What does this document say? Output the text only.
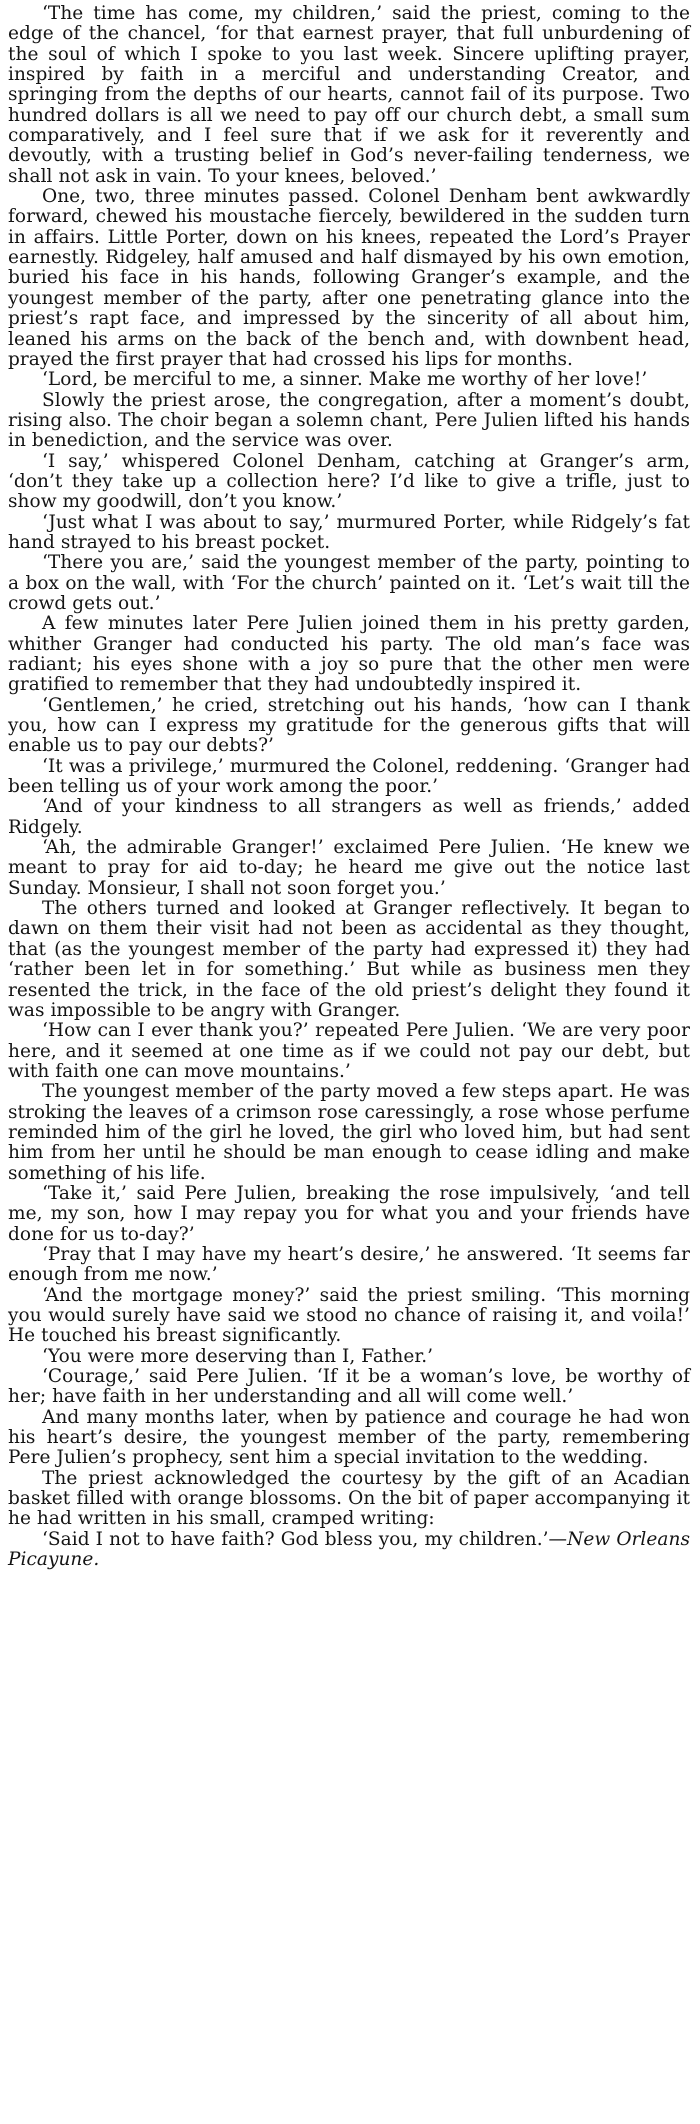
‘The time has come, my children,’ said the priest, coming to the edge of the chancel, ‘for that earnest prayer, that full unburdening of the soul of which I spoke to you last week. Sincere uplifting prayer, inspired by faith in a merciful and understanding Creator, and springing from the depths of our hearts, cannot fail of its purpose. Two hundred dollars is all we need to pay off our church debt, a small sum comparatively, and I feel sure that if we ask for it reverently and devoutly, with a trusting belief in God’s never-failing tenderness, we shall not ask in vain. To your knees, beloved.’

One, two, three minutes passed. Colonel Denham bent awkwardly forward, chewed his moustache fiercely, bewildered in the sudden turn in affairs. Little Porter, down on his knees, repeated the Lord’s Prayer earnestly. Ridgeley, half amused and half dismayed by his own emotion, buried his face in his hands, following Granger’s example, and the youngest member of the party, after one penetrating glance into the priest’s rapt face, and impressed by the sincerity of all about him, leaned his arms on the back of the bench and, with downbent head, prayed the first prayer that had crossed his lips for months.

‘Lord, be merciful to me, a sinner. Make me worthy of her love!’

Slowly the priest arose, the congregation, after a moment’s doubt, rising also. The choir began a solemn chant, Pere Julien lifted his hands in benediction, and the service was over.

‘I say,’ whispered Colonel Denham, catching at Granger’s arm, ‘don’t they take up a collection here? I’d like to give a trifle, just to show my goodwill, don’t you know.’

‘Just what I was about to say,’ murmured Porter, while Ridgely’s fat hand strayed to his breast pocket.

‘There you are,’ said the youngest member of the party, pointing to a box on the wall, with ‘For the church’ painted on it. ‘Let’s wait till the crowd gets out.’

A few minutes later Pere Julien joined them in his pretty garden, whither Granger had conducted his party. The old man’s face was radiant; his eyes shone with a joy so pure that the other men were gratified to remember that they had undoubtedly inspired it.

‘Gentlemen,’ he cried, stretching out his hands, ‘how can I thank you, how can I express my gratitude for the generous gifts that will enable us to pay our debts?’

‘It was a privilege,’ murmured the Colonel, reddening. ‘Granger had been telling us of your work among the poor.’

‘And of your kindness to all strangers as well as friends,’ added Ridgely.

‘Ah, the admirable Granger!’ exclaimed Pere Julien. ‘He knew we meant to pray for aid to-day; he heard me give out the notice last Sunday. Monsieur, I shall not soon forget you.’

The others turned and looked at Granger reflectively. It began to dawn on them their visit had not been as accidental as they thought, that (as the youngest member of the party had expressed it) they had ‘rather been let in for something.’ But while as business men they resented the trick, in the face of the old priest’s delight they found it was impossible to be angry with Granger.

‘How can I ever thank you?’ repeated Pere Julien. ‘We are very poor here, and it seemed at one time as if we could not pay our debt, but with faith one can move mountains.’

The youngest member of the party moved a few steps apart. He was stroking the leaves of a crimson rose caressingly, a rose whose perfume reminded him of the girl he loved, the girl who loved him, but had sent him from her until he should be man enough to cease idling and make something of his life.

‘Take it,’ said Pere Julien, breaking the rose impulsively, ‘and tell me, my son, how I may repay you for what you and your friends have done for us to-day?’

‘Pray that I may have my heart’s desire,’ he answered. ‘It seems far enough from me now.’

‘And the mortgage money?’ said the priest smiling. ‘This morning you would surely have said we stood no chance of raising it, and voila!’ He touched his breast significantly.

‘You were more deserving than I, Father.’

‘Courage,’ said Pere Julien. ‘If it be a woman’s love, be worthy of her; have faith in her understanding and all will come well.’

And many months later, when by patience and courage he had won his heart’s desire, the youngest member of the party, remembering Pere Julien’s prophecy, sent him a special invitation to the wedding.

The priest acknowledged the courtesy by the gift of an Acadian basket filled with orange blossoms. On the bit of paper accompanying it he had written in his small, cramped writing:

‘Said I not to have faith? God bless you, my children.’—New Orleans Picayune.
